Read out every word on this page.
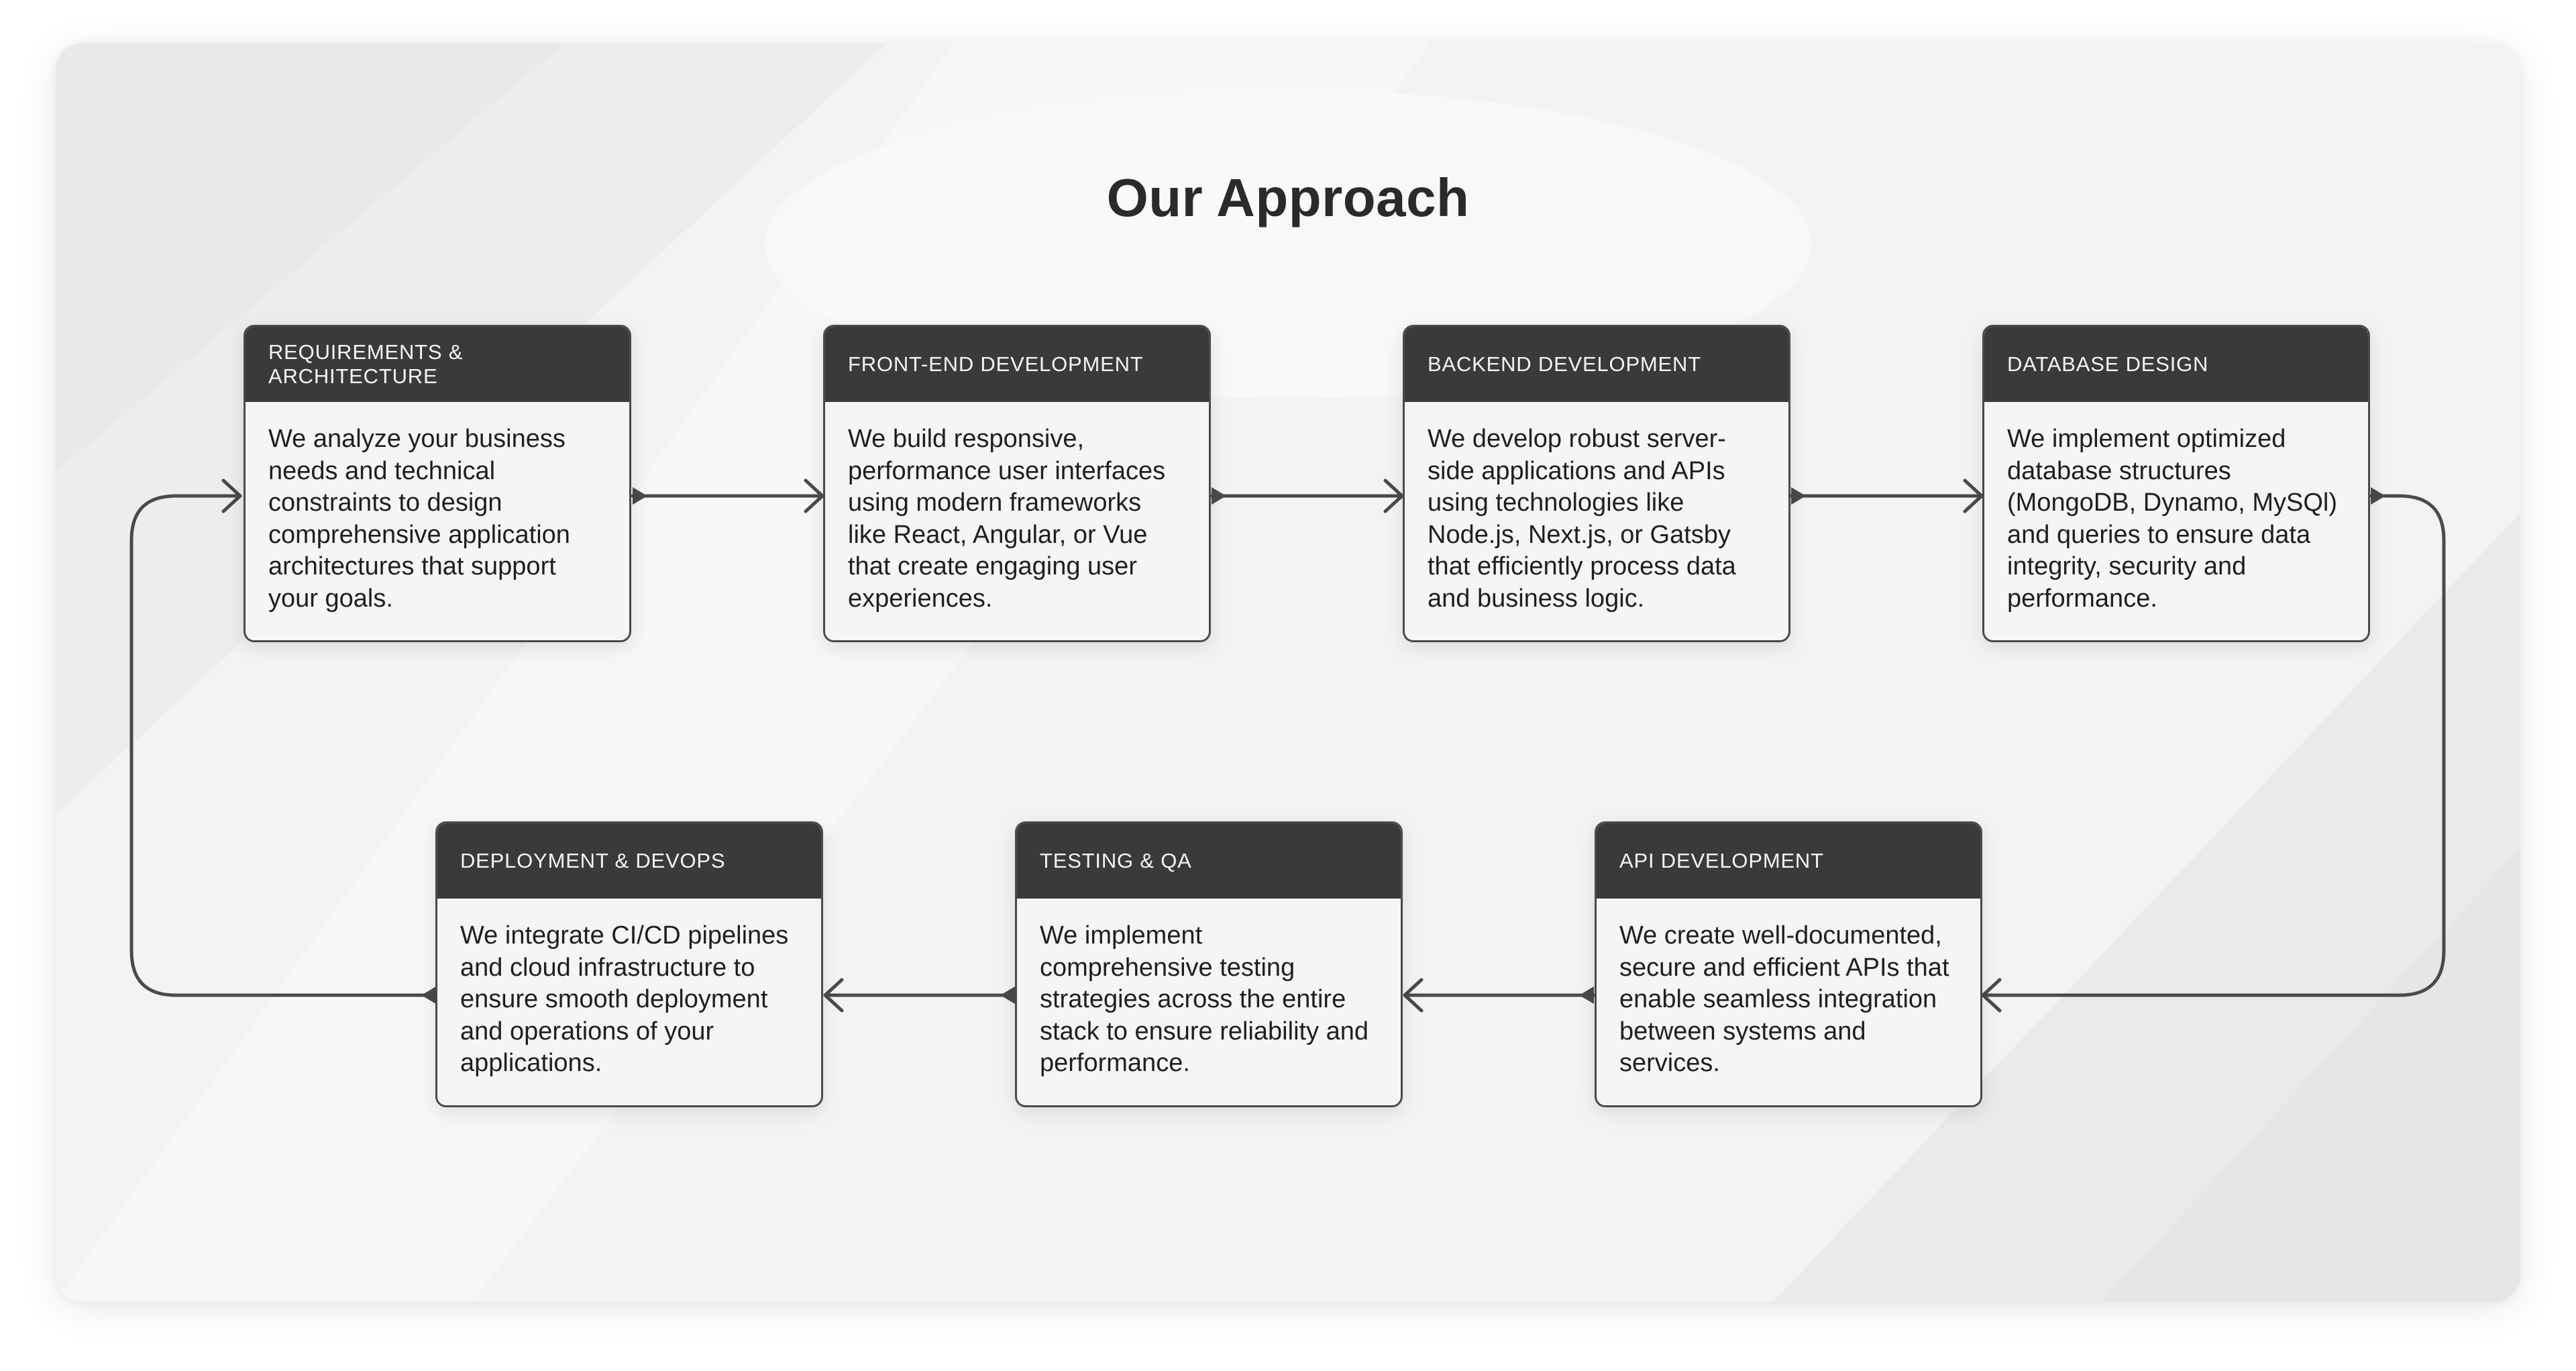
Our Approach
REQUIREMENTS & ARCHITECTURE
We analyze your business needs and technical constraints to design comprehensive application architectures that support your goals.
FRONT-END DEVELOPMENT
We build responsive, performance user interfaces using modern frameworks like React, Angular, or Vue that create engaging user experiences.
BACKEND DEVELOPMENT
We develop robust server-side applications and APIs using technologies like Node.js, Next.js, or Gatsby that efficiently process data and business logic.
DATABASE DESIGN
We implement optimized database structures (MongoDB, Dynamo, MySQl) and queries to ensure data integrity, security and performance.
API DEVELOPMENT
We create well-documented, secure and efficient APIs that enable seamless integration between systems and services.
TESTING & QA
We implement comprehensive testing strategies across the entire stack to ensure reliability and performance.
DEPLOYMENT & DEVOPS
We integrate CI/CD pipelines and cloud infrastructure to ensure smooth deployment and operations of your applications.
